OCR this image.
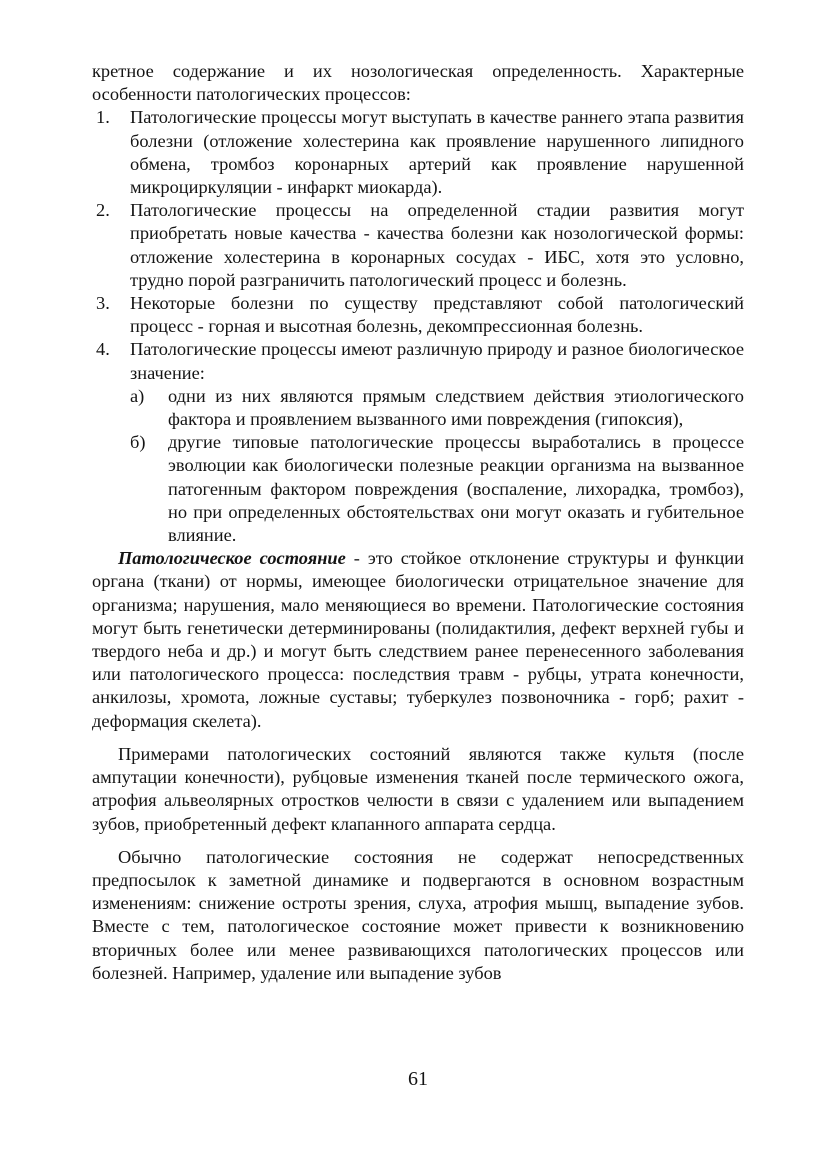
кретное содержание и их нозологическая определенность. Характерные особенности патологических процессов:

1. Патологические процессы могут выступать в качестве раннего этапа развития болезни (отложение холестерина как проявление нарушенного липидного обмена, тромбоз коронарных артерий как проявление нарушенной микроциркуляции - инфаркт миокарда).
2. Патологические процессы на определенной стадии развития могут приобретать новые качества - качества болезни как нозологической формы: отложение холестерина в коронарных сосудах - ИБС, хотя это условно, трудно порой разграничить патологический процесс и болезнь.
3. Некоторые болезни по существу представляют собой патологический процесс - горная и высотная болезнь, декомпрессионная болезнь.
4. Патологические процессы имеют различную природу и разное биологическое значение:
а) одни из них являются прямым следствием действия этиологического фактора и проявлением вызванного ими повреждения (гипоксия),
б) другие типовые патологические процессы выработались в процессе эволюции как биологически полезные реакции организма на вызванное патогенным фактором повреждения (воспаление, лихорадка, тромбоз), но при определенных обстоятельствах они могут оказать и губительное влияние.

Патологическое состояние - это стойкое отклонение структуры и функции органа (ткани) от нормы, имеющее биологически отрицательное значение для организма; нарушения, мало меняющиеся во времени. Патологические состояния могут быть генетически детерминированы (полидактилия, дефект верхней губы и твердого неба и др.) и могут быть следствием ранее перенесенного заболевания или патологического процесса: последствия травм - рубцы, утрата конечности, анкилозы, хромота, ложные суставы; туберкулез позвоночника - горб; рахит - деформация скелета).

Примерами патологических состояний являются также культя (после ампутации конечности), рубцовые изменения тканей после термического ожога, атрофия альвеолярных отростков челюсти в связи с удалением или выпадением зубов, приобретенный дефект клапанного аппарата сердца.

Обычно патологические состояния не содержат непосредственных предпосылок к заметной динамике и подвергаются в основном возрастным изменениям: снижение остроты зрения, слуха, атрофия мышц, выпадение зубов. Вместе с тем, патологическое состояние может привести к возникновению вторичных более или менее развивающихся патологических процессов или болезней. Например, удаление или выпадение зубов

61
